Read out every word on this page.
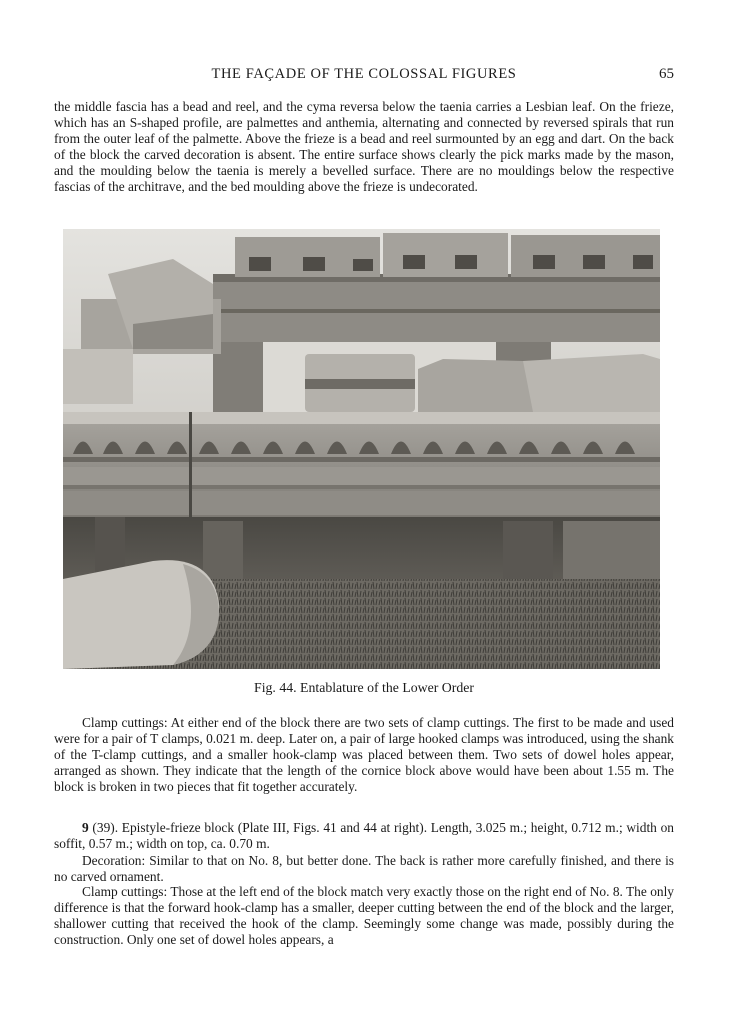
THE FAÇADE OF THE COLOSSAL FIGURES	65

the middle fascia has a bead and reel, and the cyma reversa below the taenia carries a Lesbian leaf. On the frieze, which has an S-shaped profile, are palmettes and anthemia, alternating and connected by reversed spirals that run from the outer leaf of the palmette. Above the frieze is a bead and reel surmounted by an egg and dart. On the back of the block the carved decoration is absent. The entire surface shows clearly the pick marks made by the mason, and the moulding below the taenia is merely a bevelled surface. There are no mouldings below the respective fascias of the architrave, and the bed moulding above the frieze is undecorated.

Fig. 44. Entablature of the Lower Order

Clamp cuttings: At either end of the block there are two sets of clamp cuttings. The first to be made and used were for a pair of T clamps, 0.021 m. deep. Later on, a pair of large hooked clamps was introduced, using the shank of the T-clamp cuttings, and a smaller hook-clamp was placed between them. Two sets of dowel holes appear, arranged as shown. They indicate that the length of the cornice block above would have been about 1.55 m. The block is broken in two pieces that fit together accurately.

9 (39). Epistyle-frieze block (Plate III, Figs. 41 and 44 at right). Length, 3.025 m.; height, 0.712 m.; width on soffit, 0.57 m.; width on top, ca. 0.70 m.

Decoration: Similar to that on No. 8, but better done. The back is rather more carefully finished, and there is no carved ornament.

Clamp cuttings: Those at the left end of the block match very exactly those on the right end of No. 8. The only difference is that the forward hook-clamp has a smaller, deeper cutting between the end of the block and the larger, shallower cutting that received the hook of the clamp. Seemingly some change was made, possibly during the construction. Only one set of dowel holes appears, a
